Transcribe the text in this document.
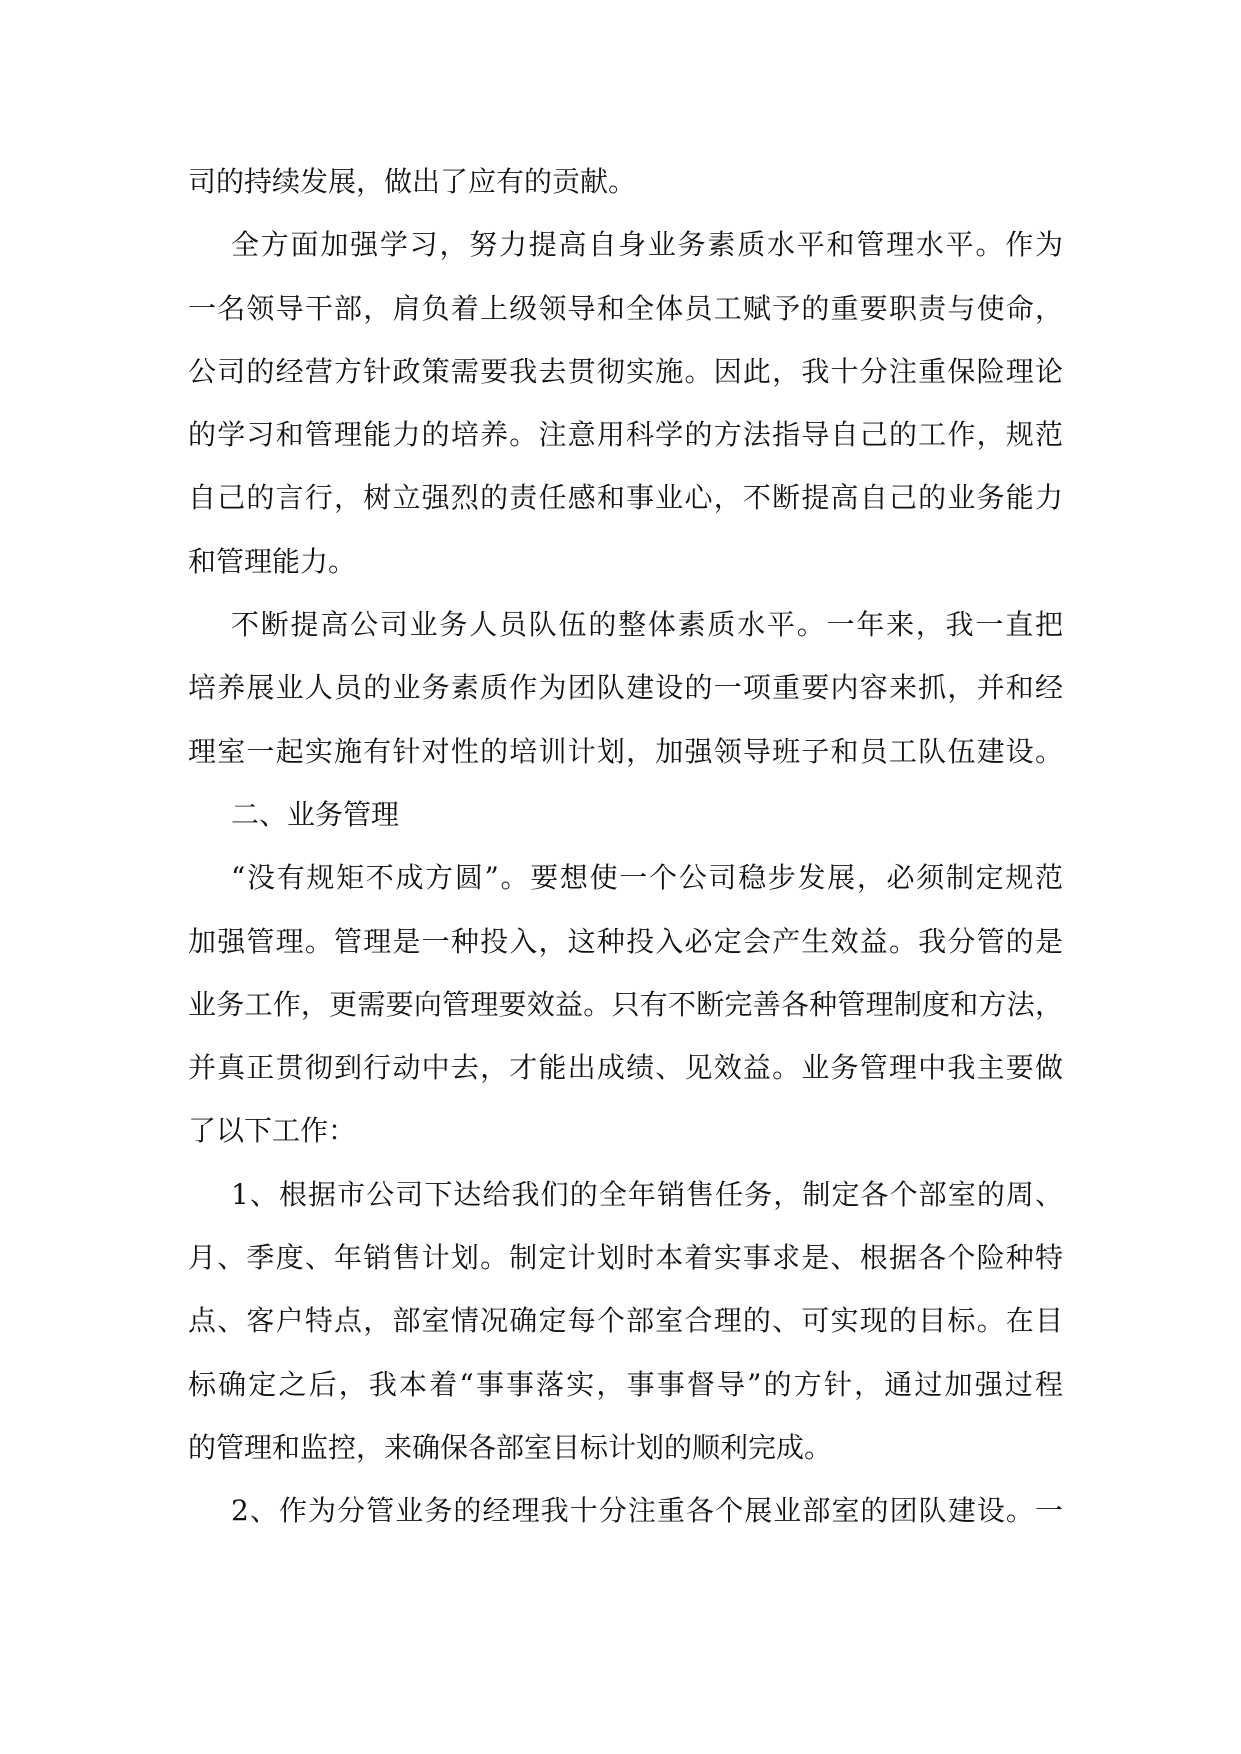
司的持续发展，做出了应有的贡献。
全方面加强学习，努力提高自身业务素质水平和管理水平。作为
一名领导干部，肩负着上级领导和全体员工赋予的重要职责与使命，
公司的经营方针政策需要我去贯彻实施。因此，我十分注重保险理论
的学习和管理能力的培养。注意用科学的方法指导自己的工作，规范
自己的言行，树立强烈的责任感和事业心，不断提高自己的业务能力
和管理能力。
不断提高公司业务人员队伍的整体素质水平。一年来，我一直把
培养展业人员的业务素质作为团队建设的一项重要内容来抓，并和经
理室一起实施有针对性的培训计划，加强领导班子和员工队伍建设。
二、业务管理
“没有规矩不成方圆”。要想使一个公司稳步发展，必须制定规范
加强管理。管理是一种投入，这种投入必定会产生效益。我分管的是
业务工作，更需要向管理要效益。只有不断完善各种管理制度和方法，
并真正贯彻到行动中去，才能出成绩、见效益。业务管理中我主要做
了以下工作：
1、根据市公司下达给我们的全年销售任务，制定各个部室的周、
月、季度、年销售计划。制定计划时本着实事求是、根据各个险种特
点、客户特点，部室情况确定每个部室合理的、可实现的目标。在目
标确定之后，我本着“事事落实，事事督导”的方针，通过加强过程
的管理和监控，来确保各部室目标计划的顺利完成。
2、作为分管业务的经理我十分注重各个展业部室的团队建设。一
